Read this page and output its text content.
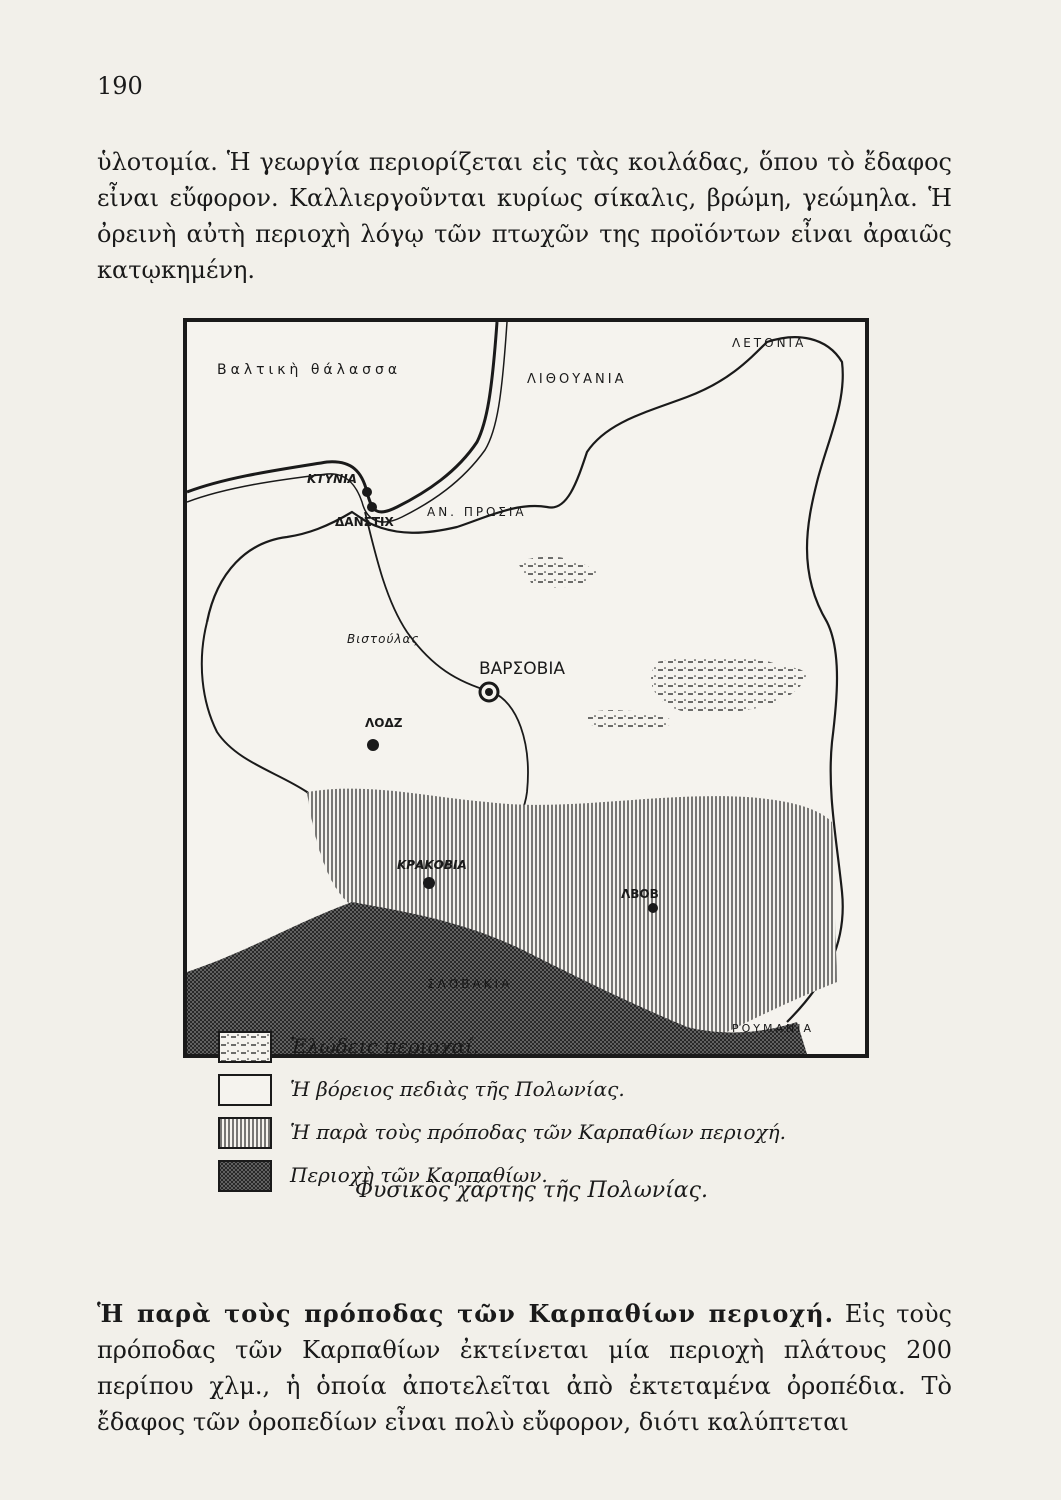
190
ὑλοτομία. Ἡ γεωργία περιορίζεται εἰς τὰς κοιλάδας, ὅπου τὸ ἔδαφος εἶναι εὔφορον. Καλλιεργοῦνται κυρίως σίκαλις, βρώμη, γεώμηλα. Ἡ ὀρεινὴ αὐτὴ περιοχὴ λόγῳ τῶν πτωχῶν της προϊόντων εἶναι ἀραιῶς κατῳκημένη.
Βαλτικὴ θάλασσα
ΛΙΘΟΥΑΝΙΑ
ΛΕΤΟΝΙΑ
ΑΝ. ΠΡΩΣΙΑ
Βιστούλας
ΣΛΟΒΑΚΙΑ
ΡΟΥΜΑΝΙΑ
ΚΤΥΝΙΑ
ΔΑΝΣΤΙΧ
ΒΑΡΣΟΒΙΑ
ΛΟΔΖ
ΚΡΑΚΟΒΙΑ
ΛΒΟΒ
Ἑλώδεις περιοχαί.
Ἡ βόρειος πεδιὰς τῆς Πολωνίας.
Ἡ παρὰ τοὺς πρόποδας τῶν Καρπαθίων περιοχή.
Περιοχὴ τῶν Καρπαθίων.
Φυσικὸς χάρτης τῆς Πολωνίας.
Ἡ παρὰ τοὺς πρόποδας τῶν Καρπαθίων περιοχή. Εἰς τοὺς πρόποδας τῶν Καρπαθίων ἐκτείνεται μία περιοχὴ πλάτους 200 περίπου χλμ., ἡ ὁποία ἀποτελεῖται ἀπὸ ἐκτεταμένα ὀροπέδια. Τὸ ἔδαφος τῶν ὀροπεδίων εἶναι πολὺ εὔφορον, διότι καλύπτεται
